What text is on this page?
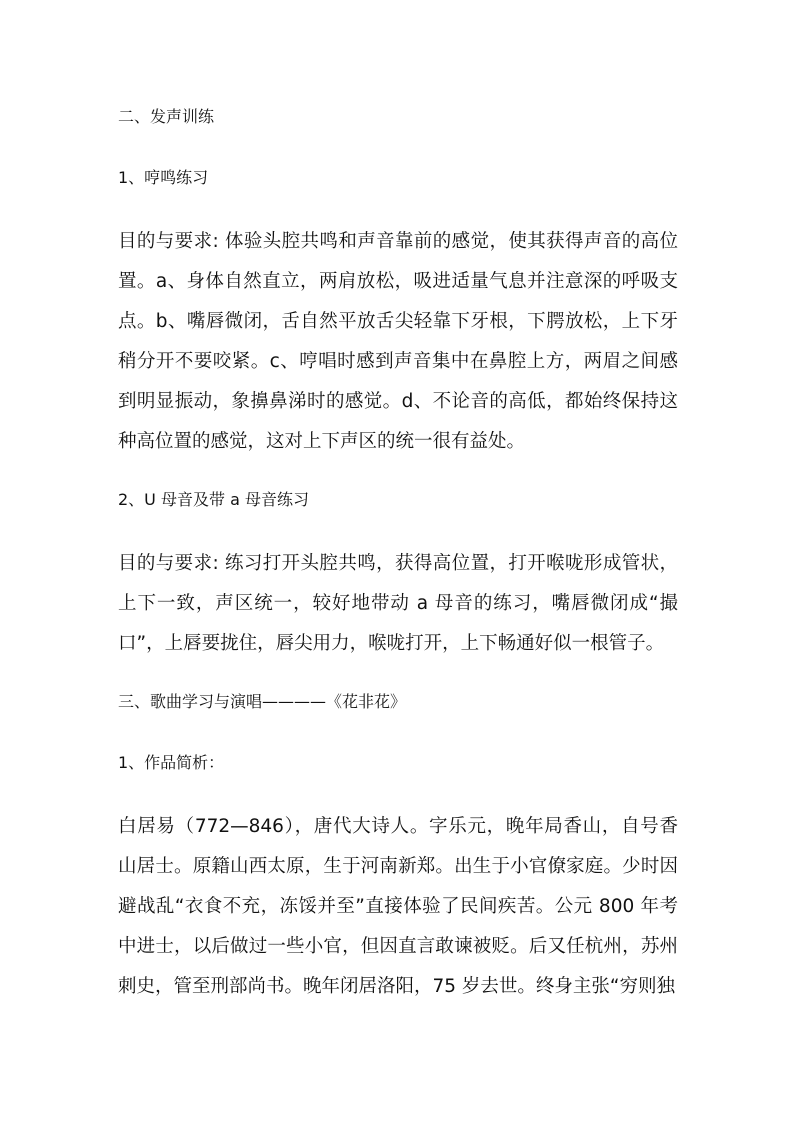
二、发声训练
1、哼鸣练习
目的与要求: 体验头腔共鸣和声音靠前的感觉，使其获得声音的高位置。a、身体自然直立，两肩放松，吸进适量气息并注意深的呼吸支点。b、嘴唇微闭，舌自然平放舌尖轻靠下牙根，下腭放松，上下牙稍分开不要咬紧。c、哼唱时感到声音集中在鼻腔上方，两眉之间感到明显振动，象擤鼻涕时的感觉。d、不论音的高低，都始终保持这种高位置的感觉，这对上下声区的统一很有益处。
2、U 母音及带 a 母音练习
目的与要求: 练习打开头腔共鸣，获得高位置，打开喉咙形成管状，上下一致，声区统一，较好地带动 a 母音的练习，嘴唇微闭成“撮口”，上唇要拢住，唇尖用力，喉咙打开，上下畅通好似一根管子。
三、歌曲学习与演唱————《花非花》
1、作品简析：
白居易（772—846），唐代大诗人。字乐元，晚年局香山，自号香山居士。原籍山西太原，生于河南新郑。出生于小官僚家庭。少时因避战乱“衣食不充，冻馁并至”直接体验了民间疾苦。公元 800 年考中进士，以后做过一些小官，但因直言敢谏被贬。后又任杭州，苏州刺史，管至刑部尚书。晚年闭居洛阳，75 岁去世。终身主张“穷则独
